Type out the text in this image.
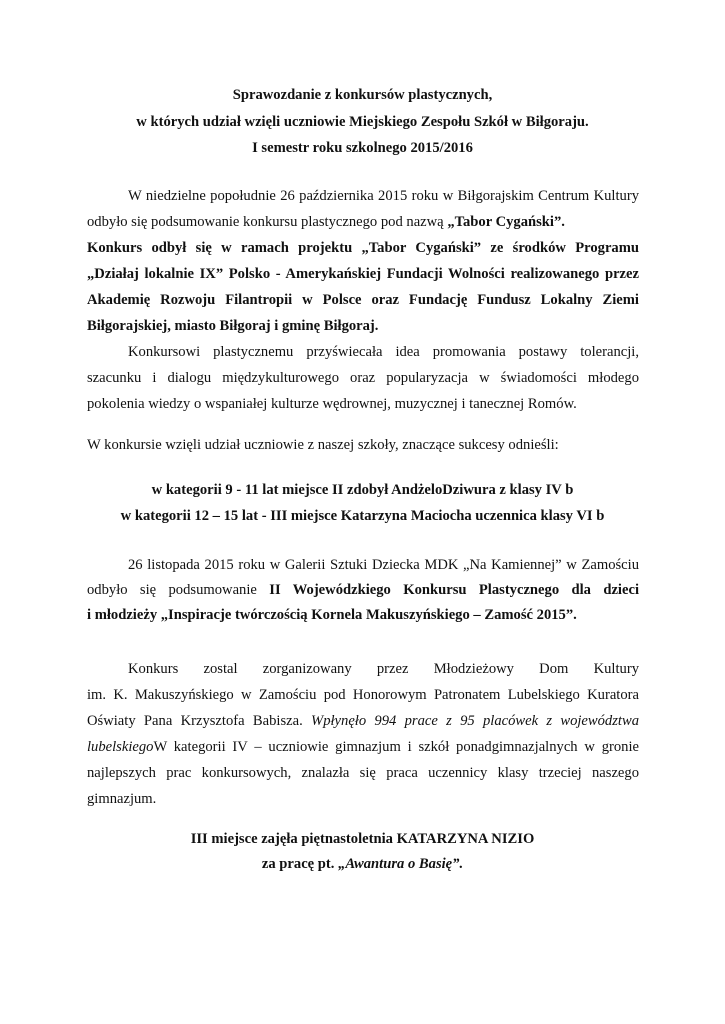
Sprawozdanie z konkursów plastycznych,
w których udział wzięli uczniowie Miejskiego Zespołu Szkół w Biłgoraju.
I semestr roku szkolnego 2015/2016
W niedzielne popołudnie 26 października 2015 roku w Biłgorajskim Centrum Kultury
odbyło się podsumowanie konkursu plastycznego pod nazwą „Tabor Cygański”.
Konkurs odbył się w ramach projektu „Tabor Cygański” ze środków Programu
„Działaj lokalnie IX” Polsko - Amerykańskiej Fundacji Wolności realizowanego przez
Akademię Rozwoju Filantropii w Polsce oraz Fundację Fundusz Lokalny Ziemi
Biłgorajskiej, miasto Biłgoraj i gminę Biłgoraj.
Konkursowi plastycznemu przyświecała idea promowania postawy tolerancji,
szacunku i dialogu międzykulturowego oraz popularyzacja w świadomości młodego
pokolenia wiedzy o wspaniałej kulturze wędrownej, muzycznej i tanecznej Romów.
W konkursie wzięli udział uczniowie z naszej szkoły, znaczące sukcesy odnieśli:
w kategorii 9 - 11 lat miejsce II zdobył AndżeloDziwura z klasy IV b
w kategorii 12 – 15 lat - III miejsce Katarzyna Maciocha uczennica klasy VI b
26 listopada 2015 roku w Galerii Sztuki Dziecka MDK „Na Kamiennej” w Zamościu
odbyło się podsumowanie II Wojewódzkiego Konkursu Plastycznego dla dzieci
i młodzieży „Inspiracje twórczością Kornela Makuszyńskiego – Zamość 2015”.
Konkurs zostal zorganizowany przez Młodzieżowy Dom Kultury
im. K. Makuszyńskiego w Zamościu pod Honorowym Patronatem Lubelskiego Kuratora
Oświaty Pana Krzysztofa Babisza. Wpłynęło 994 prace z 95 placówek z województwa
lubelskiegoW kategorii IV – uczniowie gimnazjum i szkół ponadgimnazjalnych w gronie
najlepszych prac konkursowych, znalazła się praca uczennicy klasy trzeciej naszego
gimnazjum.
III miejsce zajęła piętnastoletnia KATARZYNA NIZIO
za pracę pt. „Awantura o Basię”.
